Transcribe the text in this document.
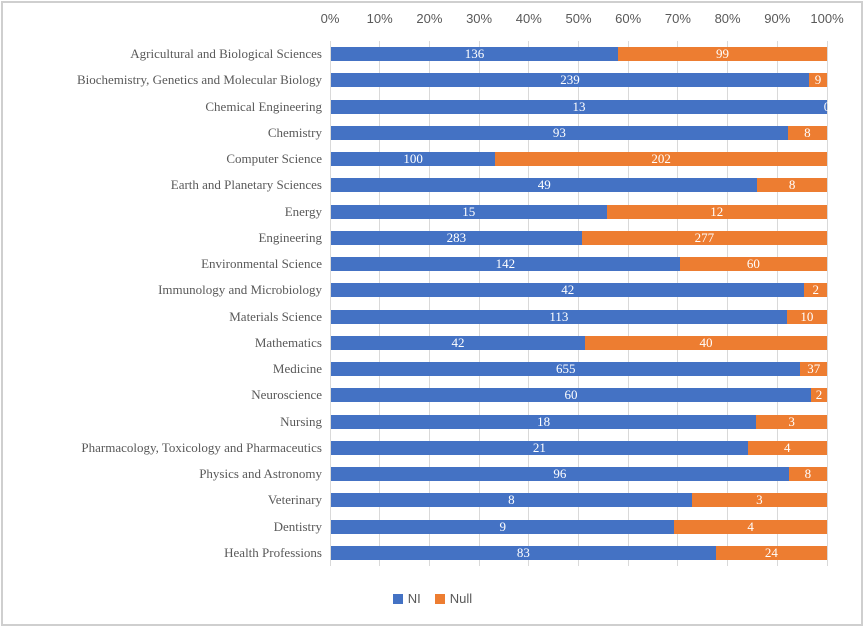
0%	10%	20%	30%	40%	50%	60%	70%	80%	90%	100%
136	99
239	9
13	0
93	8
100	202
49	8
15	12
283	277
142	60
42	2
113	10
42	40
655	37
60	2
18	3
21	4
96	8
8	3
9	4
83	24
Agricultural and Biological Sciences
Biochemistry, Genetics and Molecular Biology
Chemical Engineering
Chemistry
Computer Science
Earth and Planetary Sciences
Energy
Engineering
Environmental Science
Immunology and Microbiology
Materials Science
Mathematics
Medicine
Neuroscience
Nursing
Pharmacology, Toxicology and Pharmaceutics
Physics and Astronomy
Veterinary
Dentistry
Health Professions
NI Null
